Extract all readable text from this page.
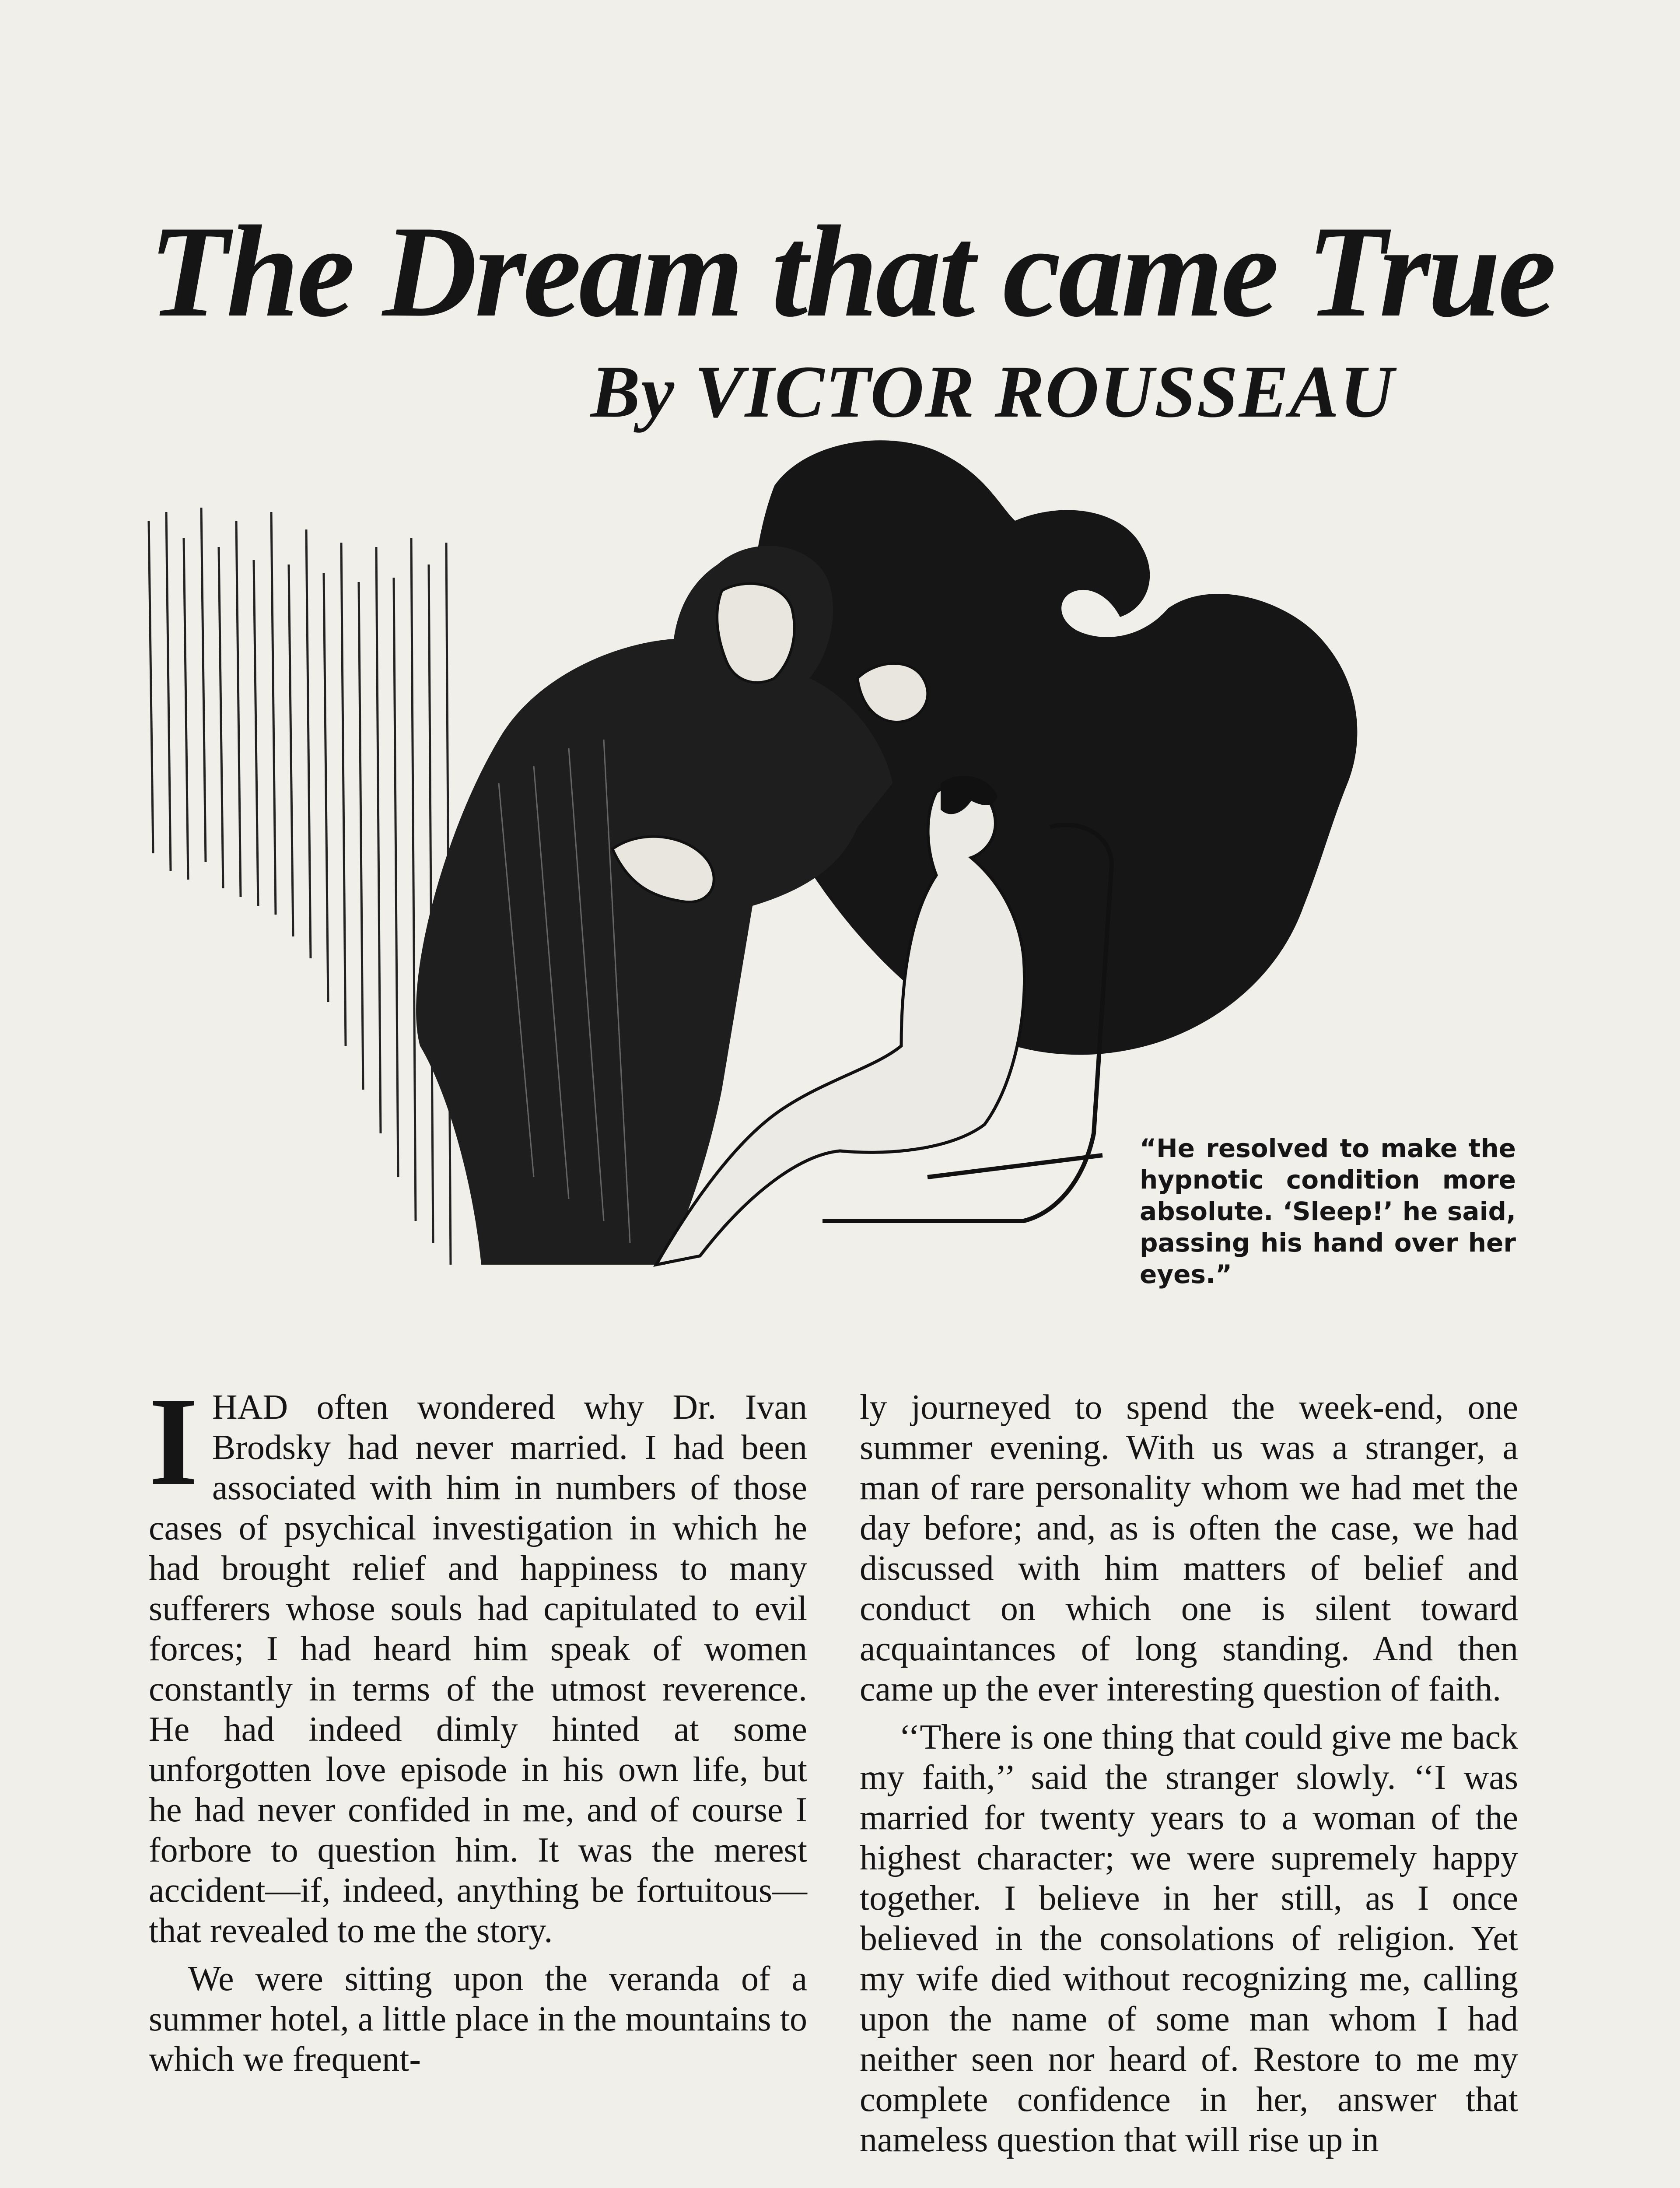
The Dream that came True
By VICTOR ROUSSEAU
“He resolved to make the hypnotic condition more absolute. ‘Sleep!’ he said, passing his hand over her eyes.”

IHAD often wondered why Dr. Ivan Brodsky had never married. I had been associated with him in numbers of those cases of psychical investigation in which he had brought relief and happiness to many sufferers whose souls had capitulated to evil forces; I had heard him speak of women constantly in terms of the utmost reverence. He had indeed dimly hinted at some unforgotten love episode in his own life, but he had never confided in me, and of course I forbore to question him. It was the merest accident—if, indeed, anything be fortuitous—that revealed to me the story.

We were sitting upon the veranda of a summer hotel, a little place in the mountains to which we frequent-

ly journeyed to spend the week-end, one summer evening. With us was a stranger, a man of rare personality whom we had met the day before; and, as is often the case, we had discussed with him matters of belief and conduct on which one is silent toward acquaintances of long standing. And then came up the ever interesting question of faith.

‘‘There is one thing that could give me back my faith,’’ said the stranger slowly. ‘‘I was married for twenty years to a woman of the highest character; we were supremely happy together. I believe in her still, as I once believed in the consolations of religion. Yet my wife died without recognizing me, calling upon the name of some man whom I had neither seen nor heard of. Restore to me my complete confidence in her, answer that nameless question that will rise up in
